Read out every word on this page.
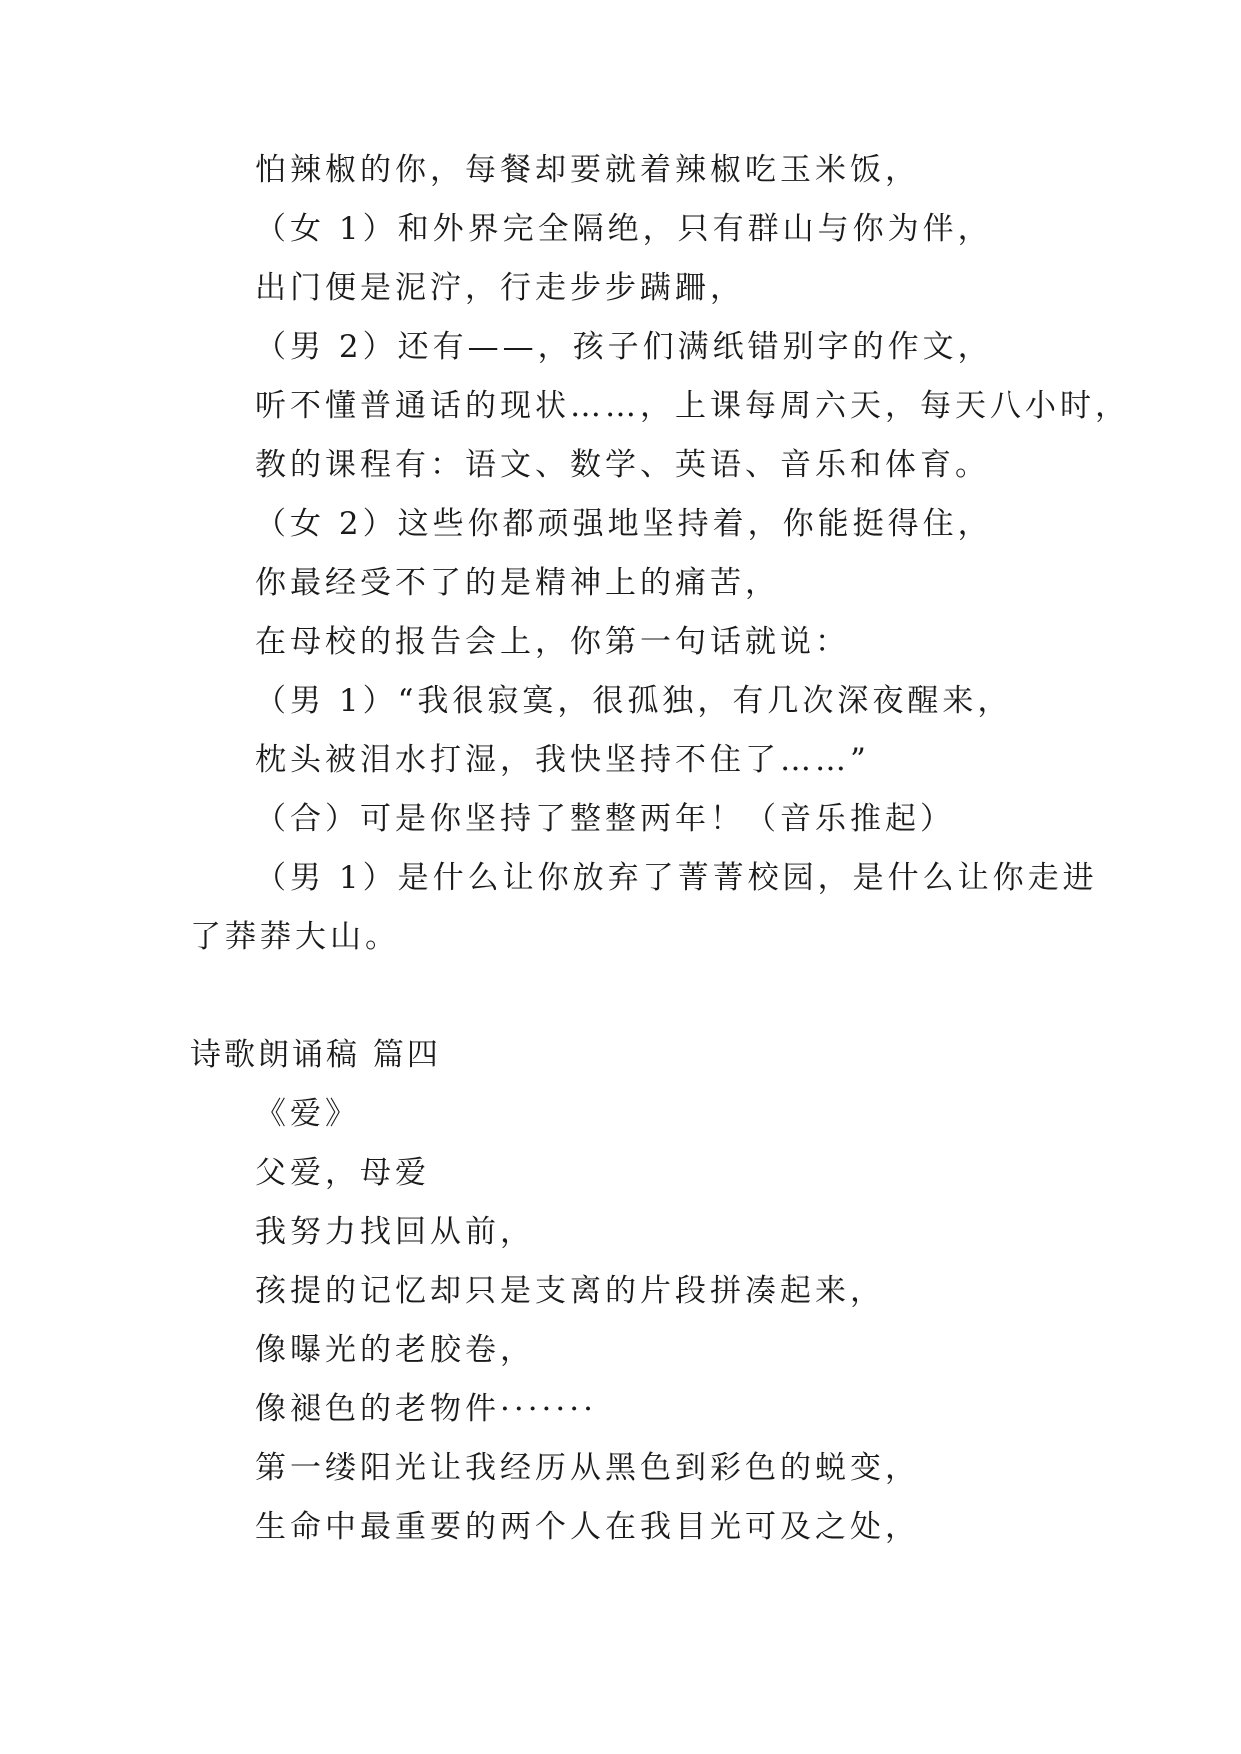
怕辣椒的你，每餐却要就着辣椒吃玉米饭，
（女 1）和外界完全隔绝，只有群山与你为伴，
出门便是泥泞，行走步步蹒跚，
（男 2）还有——，孩子们满纸错别字的作文，
听不懂普通话的现状……，上课每周六天，每天八小时，
教的课程有：语文、数学、英语、音乐和体育。
（女 2）这些你都顽强地坚持着，你能挺得住，
你最经受不了的是精神上的痛苦，
在母校的报告会上，你第一句话就说：
（男 1）“我很寂寞，很孤独，有几次深夜醒来，
枕头被泪水打湿，我快坚持不住了……”
（合）可是你坚持了整整两年！（音乐推起）
（男 1）是什么让你放弃了菁菁校园，是什么让你走进
了莽莽大山。
诗歌朗诵稿 篇四
《爱》
父爱，母爱
我努力找回从前，
孩提的记忆却只是支离的片段拼凑起来，
像曝光的老胶卷，
像褪色的老物件·······
第一缕阳光让我经历从黑色到彩色的蜕变，
生命中最重要的两个人在我目光可及之处，
